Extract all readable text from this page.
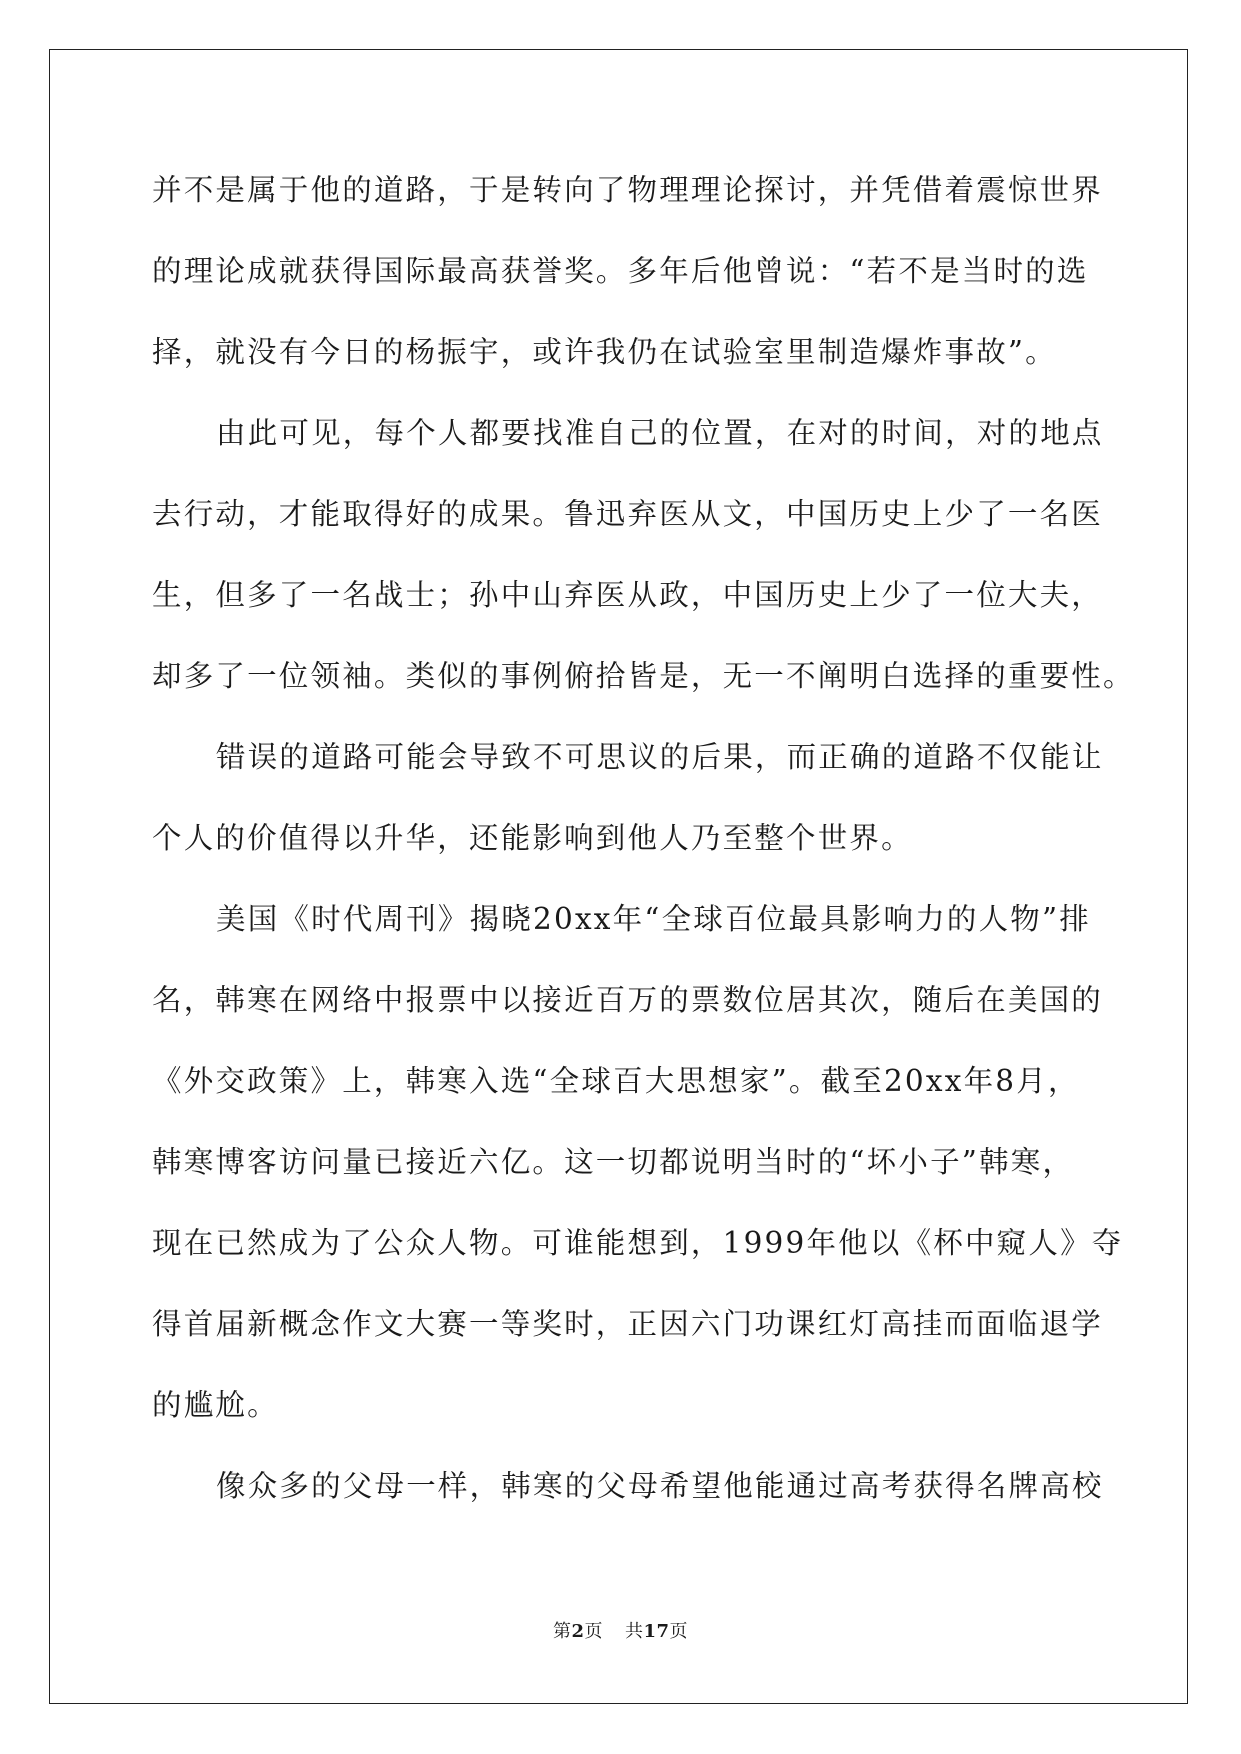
并不是属于他的道路，于是转向了物理理论探讨，并凭借着震惊世界
的理论成就获得国际最高获誉奖。多年后他曾说：“若不是当时的选
择，就没有今日的杨振宇，或许我仍在试验室里制造爆炸事故”。
由此可见，每个人都要找准自己的位置，在对的时间，对的地点
去行动，才能取得好的成果。鲁迅弃医从文，中国历史上少了一名医
生，但多了一名战士；孙中山弃医从政，中国历史上少了一位大夫，
却多了一位领袖。类似的事例俯拾皆是，无一不阐明白选择的重要性。
错误的道路可能会导致不可思议的后果，而正确的道路不仅能让
个人的价值得以升华，还能影响到他人乃至整个世界。
美国《时代周刊》揭晓20xx年“全球百位最具影响力的人物”排
名，韩寒在网络中报票中以接近百万的票数位居其次，随后在美国的
《外交政策》上，韩寒入选“全球百大思想家”。截至20xx年8月，
韩寒博客访问量已接近六亿。这一切都说明当时的“坏小子”韩寒，
现在已然成为了公众人物。可谁能想到，1999年他以《杯中窥人》夺
得首届新概念作文大赛一等奖时，正因六门功课红灯高挂而面临退学
的尴尬。
像众多的父母一样，韩寒的父母希望他能通过高考获得名牌高校
第2页 共17页
